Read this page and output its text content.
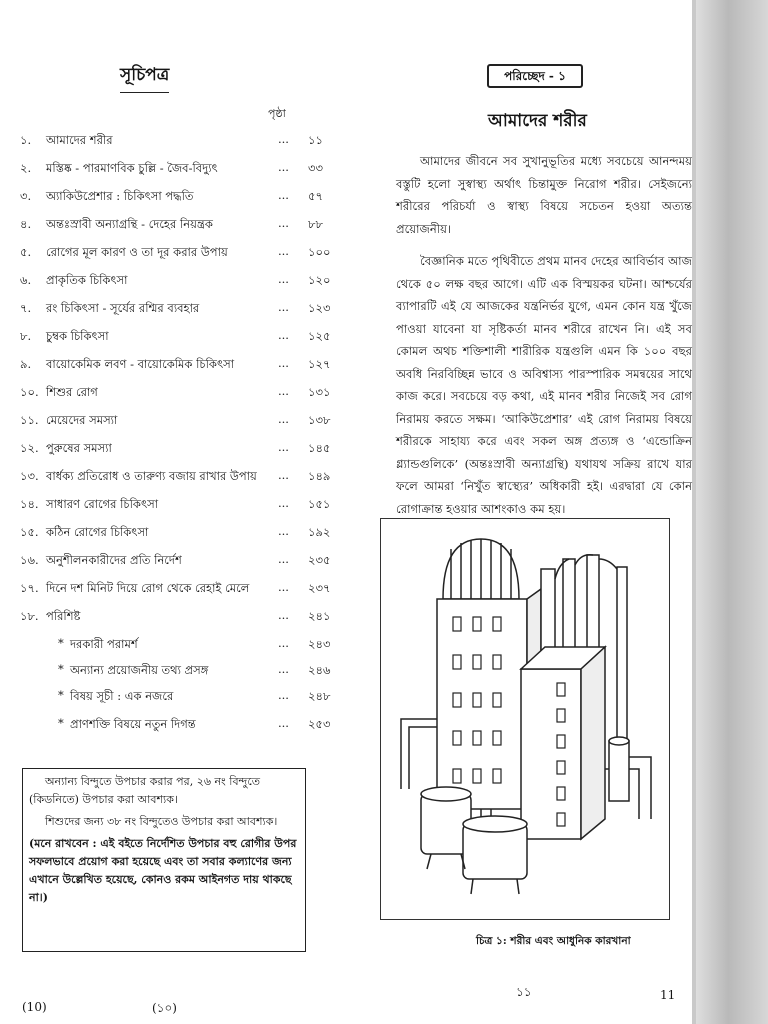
সূচিপত্র
পৃষ্ঠা
১. আমাদের শরীর	... ১১
২. মস্তিষ্ক - পারমাণবিক চুল্লি - জৈব-বিদ্যুৎ	... ৩৩
৩. অ্যাকিউপ্রেশার : চিকিৎসা পদ্ধতি	... ৫৭
৪. অন্তঃস্রাবী অন্যাগ্রন্থি - দেহের নিয়ন্ত্রক	... ৮৮
৫. রোগের মূল কারণ ও তা দূর করার উপায়	... ১০০
৬. প্রাকৃতিক চিকিৎসা	... ১২০
৭. রং চিকিৎসা - সূর্যের রশ্মির ব্যবহার	... ১২৩
৮. চুম্বক চিকিৎসা	... ১২৫
৯. বায়োকেমিক লবণ - বায়োকেমিক চিকিৎসা	... ১২৭
১০. শিশুর রোগ	... ১৩১
১১. মেয়েদের সমস্যা	... ১৩৮
১২. পুরুষের সমস্যা	... ১৪৫
১৩. বার্ধক্য প্রতিরোধ ও তারুণ্য বজায় রাখার উপায় ... ১৪৯
১৪. সাধারণ রোগের চিকিৎসা	... ১৫১
১৫. কঠিন রোগের চিকিৎসা	... ১৯২
১৬. অনুশীলনকারীদের প্রতি নির্দেশ	... ২৩৫
১৭. দিনে দশ মিনিট দিয়ে রোগ থেকে রেহাই মেলে ... ২৩৭
১৮. পরিশিষ্ট	... ২৪১
* দরকারী পরামর্শ	... ২৪৩
* অন্যান্য প্রয়োজনীয় তথ্য প্রসঙ্গ	... ২৪৬
* বিষয় সূচী : এক নজরে	... ২৪৮
* প্রাণশক্তি বিষয়ে নতুন দিগন্ত	... ২৫৩

অন্যান্য বিন্দুতে উপচার করার পর, ২৬ নং বিন্দুতে (কিডনিতে) উপচার করা আবশ্যক।

শিশুদের জন্য ৩৮ নং বিন্দুতেও উপচার করা আবশ্যক।

(মনে রাখবেন : এই বইতে নির্দেশিত উপচার বহু রোগীর উপর সফলভাবে প্রয়োগ করা হয়েছে এবং তা সবার কল্যাণের জন্য এখানে উল্লেখিত হয়েছে, কোনও রকম আইনগত দায় থাকছে না।)

পরিচ্ছেদ - ১
আমাদের শরীর

আমাদের জীবনে সব সুখানুভূতির মধ্যে সবচেয়ে আনন্দময় বস্তুটি হলো সুস্বাস্থ্য অর্থাৎ চিন্তামুক্ত নিরোগ শরীর। সেইজন্যে শরীরের পরিচর্যা ও স্বাস্থ্য বিষয়ে সচেতন হওয়া অত্যন্ত প্রয়োজনীয়।

বৈজ্ঞানিক মতে পৃথিবীতে প্রথম মানব দেহের আবির্ভাব আজ থেকে ৫০ লক্ষ বছর আগে। এটি এক বিস্ময়কর ঘটনা। আশ্চর্যের ব্যাপারটি এই যে আজকের যন্ত্রনির্ভর যুগে, এমন কোন যন্ত্র খুঁজে পাওয়া যাবেনা যা সৃষ্টিকর্তা মানব শরীরে রাখেন নি। এই সব কোমল অথচ শক্তিশালী শারীরিক যন্ত্রগুলি এমন কি ১০০ বছর অবধি নিরবিচ্ছিন্ন ভাবে ও অবিশ্বাস্য পারস্পারিক সমন্বয়ের সাথে কাজ করে। সবচেয়ে বড় কথা, এই মানব শরীর নিজেই সব রোগ নিরাময় করতে সক্ষম। ‘আকিউপ্রেশার’ এই রোগ নিরাময় বিষয়ে শরীরকে সাহায্য করে এবং সকল অঙ্গ প্রত্যঙ্গ ও ‘এন্ডোক্রিন গ্ল্যান্ডগুলিকে’ (অন্তঃস্রাবী অন্যাগ্রন্থি) যথাযথ সক্রিয় রাখে যার ফলে আমরা ‘নিখুঁত স্বাস্থ্যের’ অধিকারী হই। এরদ্বারা যে কোন রোগাক্রান্ত হওয়ার আশংকাও কম হয়।

চিত্র ১: শরীর এবং আধুনিক কারখানা
(10)	(১০)
১১	11
